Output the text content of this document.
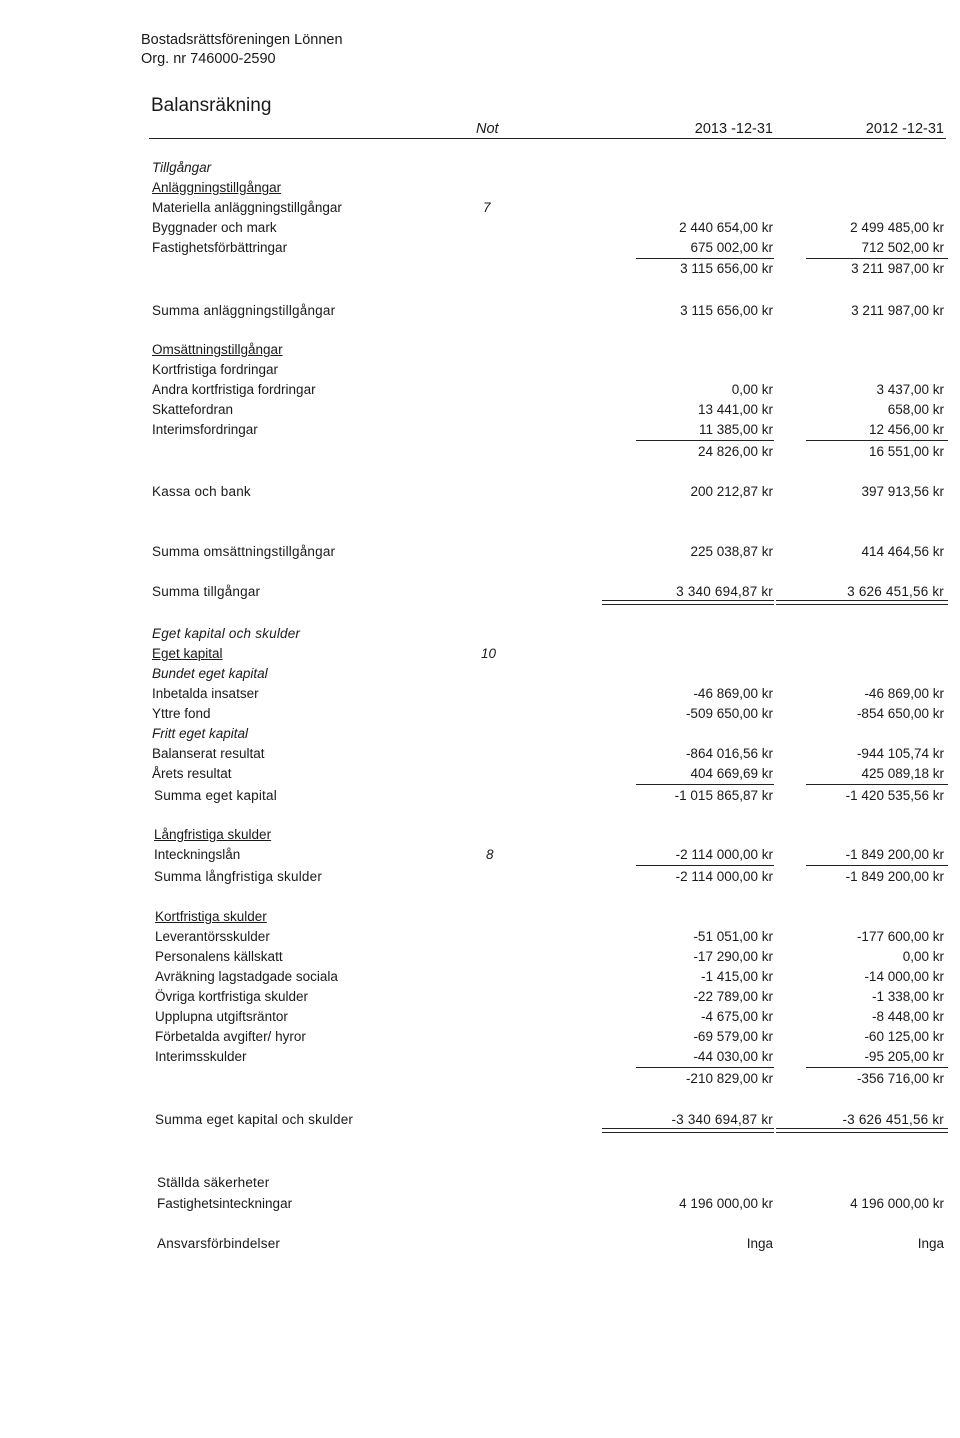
Bostadsrättsföreningen Lönnen
Org. nr 746000-2590
Balansräkning
Not	2013 -12-31	2012 -12-31
Tillgångar
Anläggningstillgångar
Materiella anläggningstillgångar	7
Byggnader och mark	2 440 654,00 kr	2 499 485,00 kr
Fastighetsförbättringar	675 002,00 kr	712 502,00 kr
3 115 656,00 kr	3 211 987,00 kr
Summa anläggningstillgångar	3 115 656,00 kr	3 211 987,00 kr
Omsättningstillgångar
Kortfristiga fordringar
Andra kortfristiga fordringar	0,00 kr	3 437,00 kr
Skattefordran	13 441,00 kr	658,00 kr
Interimsfordringar	11 385,00 kr	12 456,00 kr
24 826,00 kr	16 551,00 kr
Kassa och bank	200 212,87 kr	397 913,56 kr
Summa omsättningstillgångar	225 038,87 kr	414 464,56 kr
Summa tillgångar	3 340 694,87 kr	3 626 451,56 kr
Eget kapital och skulder
Eget kapital	10
Bundet eget kapital
Inbetalda insatser	-46 869,00 kr	-46 869,00 kr
Yttre fond	-509 650,00 kr	-854 650,00 kr
Fritt eget kapital
Balanserat resultat	-864 016,56 kr	-944 105,74 kr
Årets resultat	404 669,69 kr	425 089,18 kr
Summa eget kapital	-1 015 865,87 kr	-1 420 535,56 kr
Långfristiga skulder
Inteckningslån	8	-2 114 000,00 kr	-1 849 200,00 kr
Summa långfristiga skulder	-2 114 000,00 kr	-1 849 200,00 kr
Kortfristiga skulder
Leverantörsskulder	-51 051,00 kr	-177 600,00 kr
Personalens källskatt	-17 290,00 kr	0,00 kr
Avräkning lagstadgade sociala	-1 415,00 kr	-14 000,00 kr
Övriga kortfristiga skulder	-22 789,00 kr	-1 338,00 kr
Upplupna utgiftsräntor	-4 675,00 kr	-8 448,00 kr
Förbetalda avgifter/ hyror	-69 579,00 kr	-60 125,00 kr
Interimsskulder	-44 030,00 kr	-95 205,00 kr
-210 829,00 kr	-356 716,00 kr
Summa eget kapital och skulder	-3 340 694,87 kr	-3 626 451,56 kr
Ställda säkerheter
Fastighetsinteckningar	4 196 000,00 kr	4 196 000,00 kr
Ansvarsförbindelser	Inga	Inga
